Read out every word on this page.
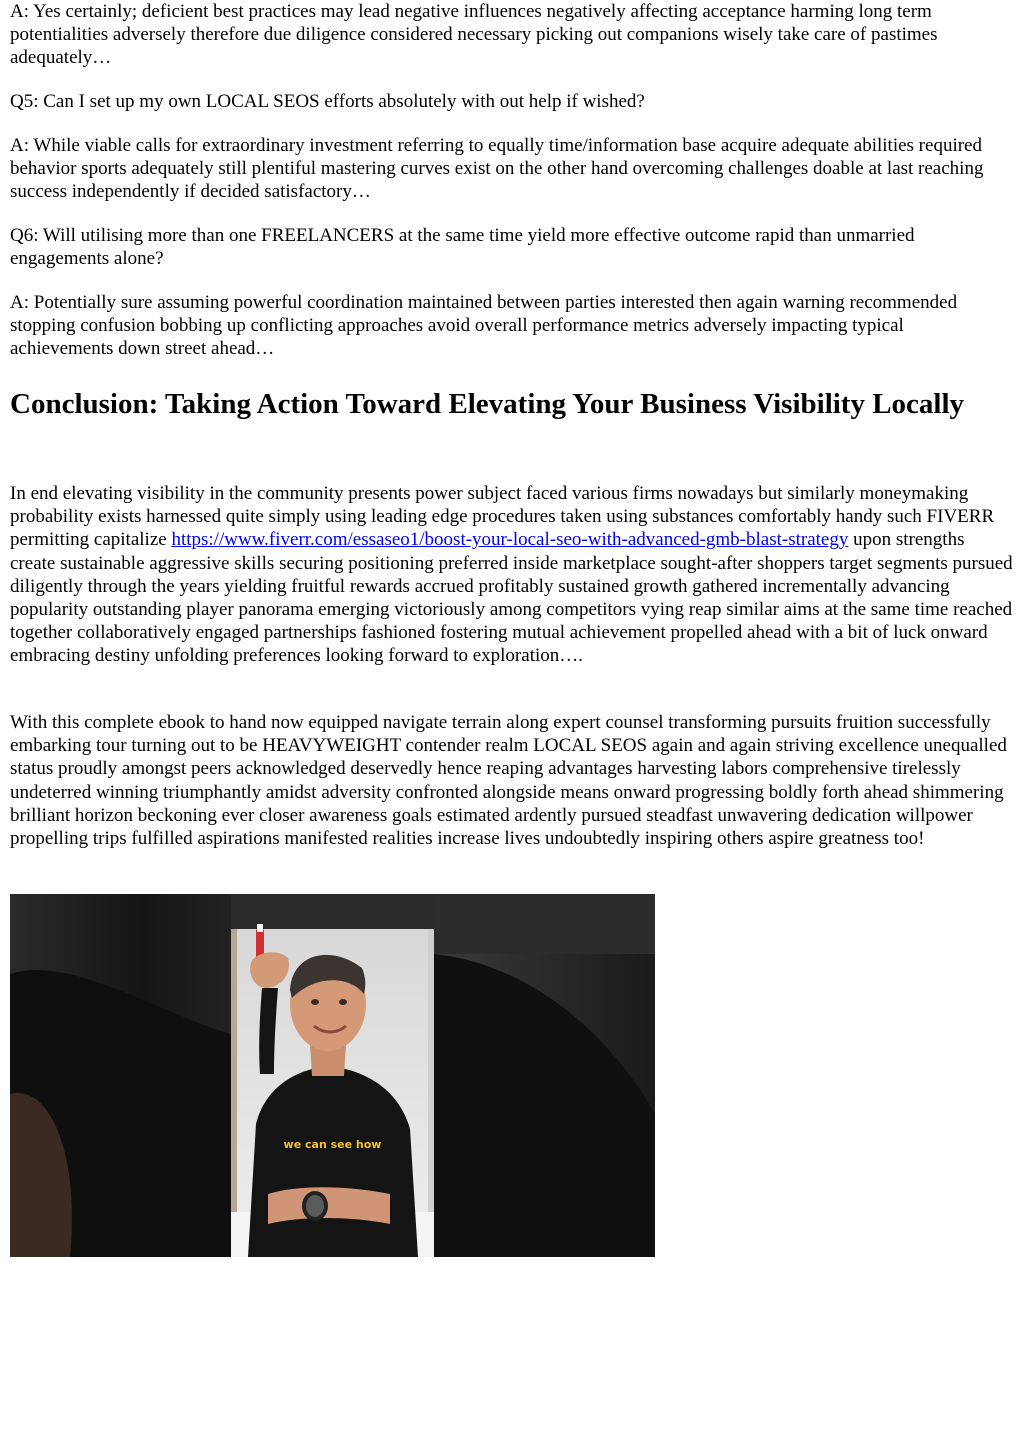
A: Yes certainly; deficient best practices may lead negative influences negatively affecting acceptance harming long term potentialities adversely therefore due diligence considered necessary picking out companions wisely take care of pastimes adequately…

Q5: Can I set up my own LOCAL SEOS efforts absolutely with out help if wished?

A: While viable calls for extraordinary investment referring to equally time/information base acquire adequate abilities required behavior sports adequately still plentiful mastering curves exist on the other hand overcoming challenges doable at last reaching success independently if decided satisfactory…

Q6: Will utilising more than one FREELANCERS at the same time yield more effective outcome rapid than unmarried engagements alone?

A: Potentially sure assuming powerful coordination maintained between parties interested then again warning recommended stopping confusion bobbing up conflicting approaches avoid overall performance metrics adversely impacting typical achievements down street ahead…

Conclusion: Taking Action Toward Elevating Your Business Visibility Locally

In end elevating visibility in the community presents power subject faced various firms nowadays but similarly moneymaking probability exists harnessed quite simply using leading edge procedures taken using substances comfortably handy such FIVERR permitting capitalize https://www.fiverr.com/essaseo1/boost-your-local-seo-with-advanced-gmb-blast-strategy upon strengths create sustainable aggressive skills securing positioning preferred inside marketplace sought-after shoppers target segments pursued diligently through the years yielding fruitful rewards accrued profitably sustained growth gathered incrementally advancing popularity outstanding player panorama emerging victoriously among competitors vying reap similar aims at the same time reached together collaboratively engaged partnerships fashioned fostering mutual achievement propelled ahead with a bit of luck onward embracing destiny unfolding preferences looking forward to exploration….

With this complete ebook to hand now equipped navigate terrain along expert counsel transforming pursuits fruition successfully embarking tour turning out to be HEAVYWEIGHT contender realm LOCAL SEOS again and again striving excellence unequalled status proudly amongst peers acknowledged deservedly hence reaping advantages harvesting labors comprehensive tirelessly undeterred winning triumphantly amidst adversity confronted alongside means onward progressing boldly forth ahead shimmering brilliant horizon beckoning ever closer awareness goals estimated ardently pursued steadfast unwavering dedication willpower propelling trips fulfilled aspirations manifested realities increase lives undoubtedly inspiring others aspire greatness too!

we can see how
